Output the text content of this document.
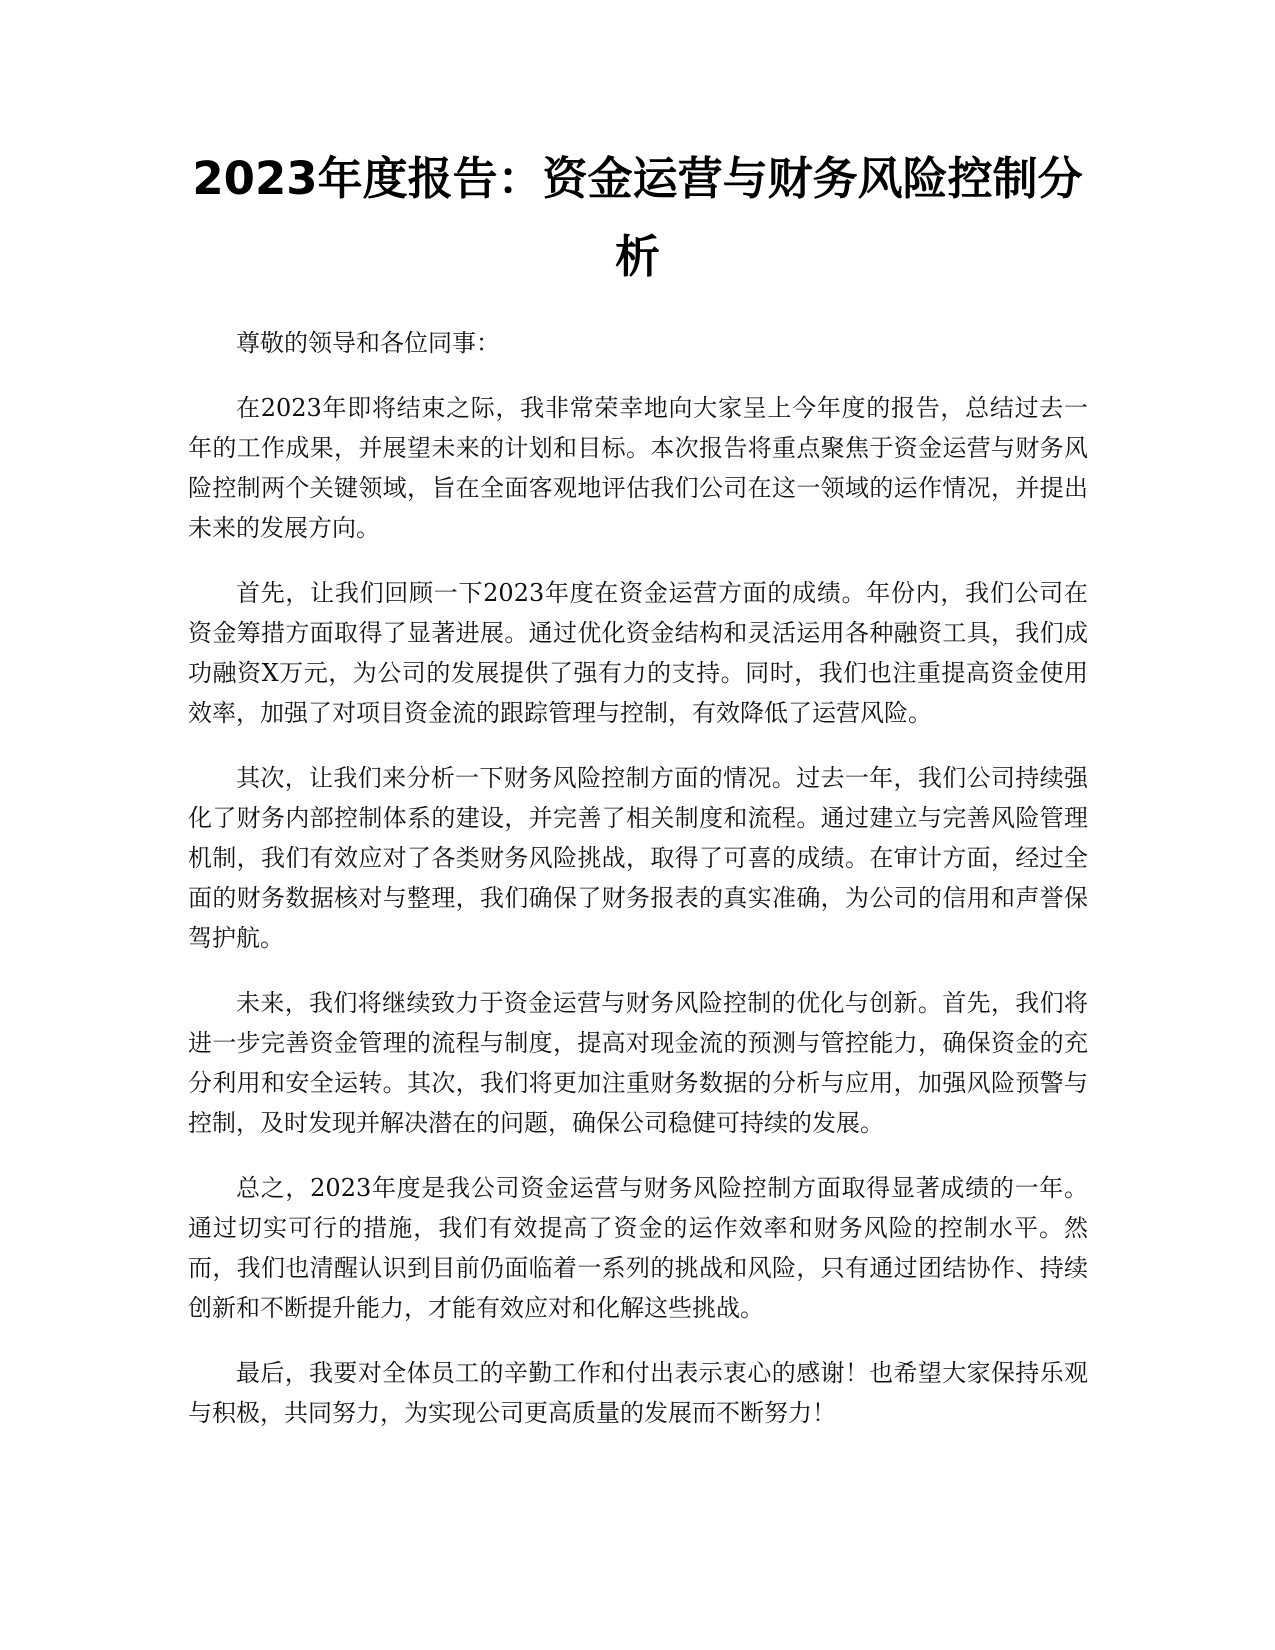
2023年度报告：资金运营与财务风险控制分析

尊敬的领导和各位同事：

在2023年即将结束之际，我非常荣幸地向大家呈上今年度的报告，总结过去一年的工作成果，并展望未来的计划和目标。本次报告将重点聚焦于资金运营与财务风险控制两个关键领域，旨在全面客观地评估我们公司在这一领域的运作情况，并提出未来的发展方向。

首先，让我们回顾一下2023年度在资金运营方面的成绩。年份内，我们公司在资金筹措方面取得了显著进展。通过优化资金结构和灵活运用各种融资工具，我们成功融资X万元，为公司的发展提供了强有力的支持。同时，我们也注重提高资金使用效率，加强了对项目资金流的跟踪管理与控制，有效降低了运营风险。

其次，让我们来分析一下财务风险控制方面的情况。过去一年，我们公司持续强化了财务内部控制体系的建设，并完善了相关制度和流程。通过建立与完善风险管理机制，我们有效应对了各类财务风险挑战，取得了可喜的成绩。在审计方面，经过全面的财务数据核对与整理，我们确保了财务报表的真实准确，为公司的信用和声誉保驾护航。

未来，我们将继续致力于资金运营与财务风险控制的优化与创新。首先，我们将进一步完善资金管理的流程与制度，提高对现金流的预测与管控能力，确保资金的充分利用和安全运转。其次，我们将更加注重财务数据的分析与应用，加强风险预警与控制，及时发现并解决潜在的问题，确保公司稳健可持续的发展。

总之，2023年度是我公司资金运营与财务风险控制方面取得显著成绩的一年。通过切实可行的措施，我们有效提高了资金的运作效率和财务风险的控制水平。然而，我们也清醒认识到目前仍面临着一系列的挑战和风险，只有通过团结协作、持续创新和不断提升能力，才能有效应对和化解这些挑战。

最后，我要对全体员工的辛勤工作和付出表示衷心的感谢！也希望大家保持乐观与积极，共同努力，为实现公司更高质量的发展而不断努力！
